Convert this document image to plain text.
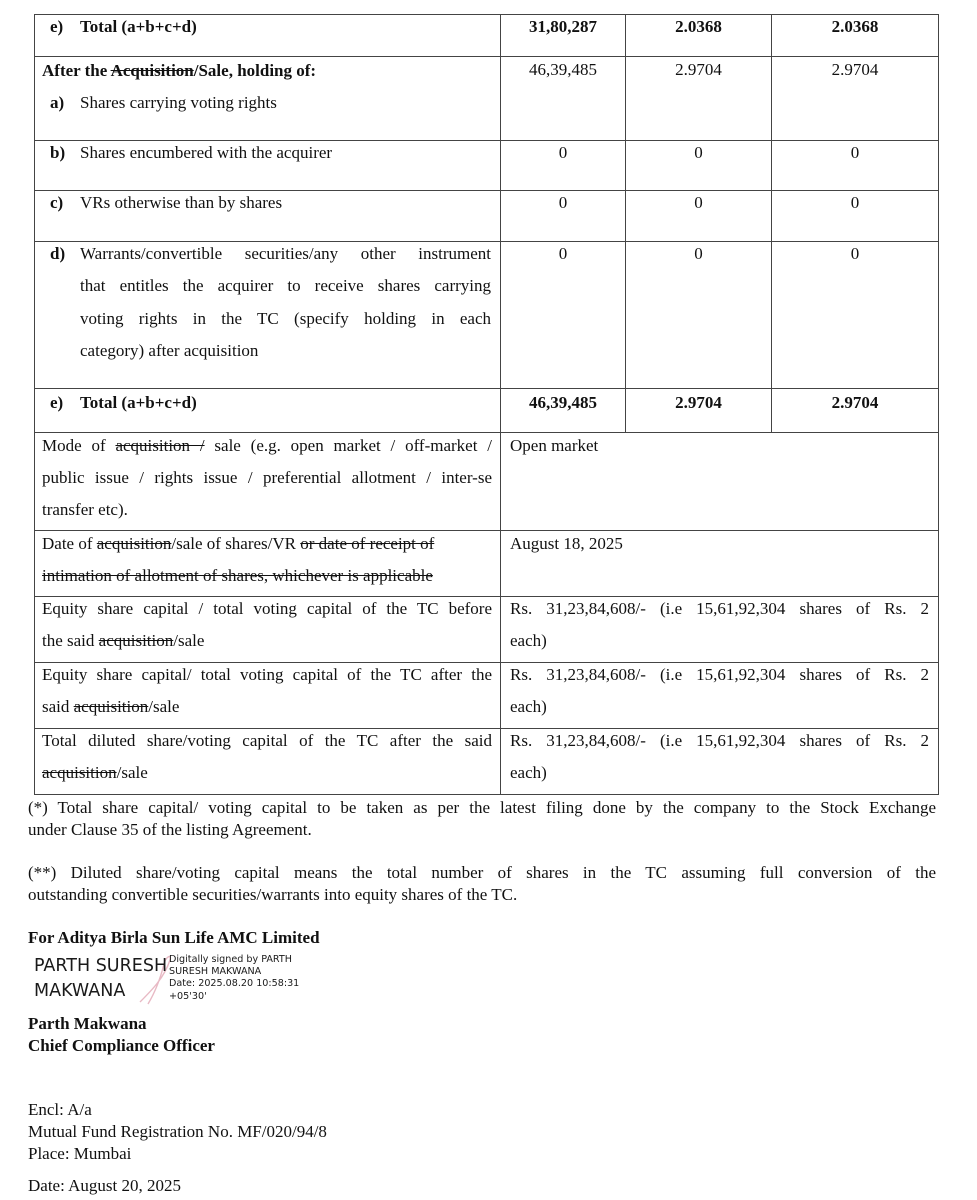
e) Total (a+b+c+d)	31,80,287	2.0368	2.0368
After the Acquisition/Sale, holding of:
a) Shares carrying voting rights
46,39,485	2.9704	2.9704
b) Shares encumbered with the acquirer	0	0	0
c) VRs otherwise than by shares	0	0	0
d) Warrants/convertible securities/any other instrument
that entitles the acquirer to receive shares carrying
voting rights in the TC (specify holding in each
category) after acquisition
0	0	0
e) Total (a+b+c+d)	46,39,485	2.9704	2.9704
Mode of acquisition / sale (e.g. open market / off-market /
public issue / rights issue / preferential allotment / inter-se
transfer etc).
Open market
Date of acquisition/sale of shares/VR or date of receipt of
intimation of allotment of shares, whichever is applicable
August 18, 2025
Equity share capital / total voting capital of the TC before
the said acquisition/sale
Rs. 31,23,84,608/- (i.e 15,61,92,304 shares of Rs. 2
each)
Equity share capital/ total voting capital of the TC after the
said acquisition/sale
Rs. 31,23,84,608/- (i.e 15,61,92,304 shares of Rs. 2
each)
Total diluted share/voting capital of the TC after the said
acquisition/sale
Rs. 31,23,84,608/- (i.e 15,61,92,304 shares of Rs. 2
each)
(*) Total share capital/ voting capital to be taken as per the latest filing done by the company to the Stock Exchange
under Clause 35 of the listing Agreement.
(**) Diluted share/voting capital means the total number of shares in the TC assuming full conversion of the
outstanding convertible securities/warrants into equity shares of the TC.
For Aditya Birla Sun Life AMC Limited
PARTH SURESH
MAKWANA
Digitally signed by PARTH
SURESH MAKWANA
Date: 2025.08.20 10:58:31
+05'30'
Parth Makwana
Chief Compliance Officer
Encl: A/a
Mutual Fund Registration No. MF/020/94/8
Place: Mumbai
Date: August 20, 2025
